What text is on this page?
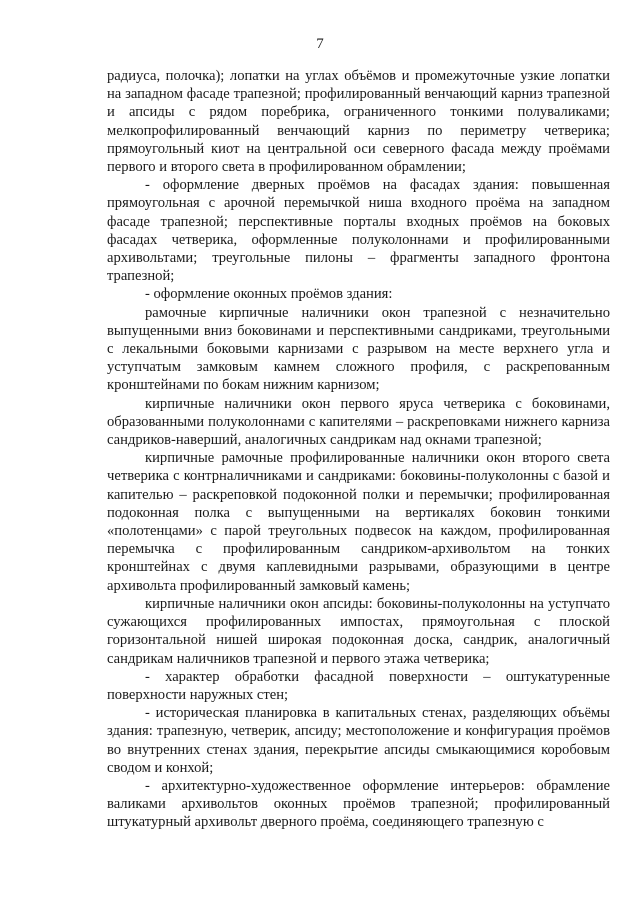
7

радиуса, полочка); лопатки на углах объёмов и промежуточные узкие лопатки на западном фасаде трапезной; профилированный венчающий карниз трапезной и апсиды с рядом поребрика, ограниченного тонкими полуваликами; мелкопрофилированный венчающий карниз по периметру четверика; прямоугольный киот на центральной оси северного фасада между проёмами первого и второго света в профилированном обрамлении;

- оформление дверных проёмов на фасадах здания: повышенная прямоугольная с арочной перемычкой ниша входного проёма на западном фасаде трапезной; перспективные порталы входных проёмов на боковых фасадах четверика, оформленные полуколоннами и профилированными архивольтами; треугольные пилоны – фрагменты западного фронтона трапезной;

- оформление оконных проёмов здания:

рамочные кирпичные наличники окон трапезной с незначительно выпущенными вниз боковинами и перспективными сандриками, треугольными с лекальными боковыми карнизами с разрывом на месте верхнего угла и уступчатым замковым камнем сложного профиля, с раскрепованным кронштейнами по бокам нижним карнизом;

кирпичные наличники окон первого яруса четверика с боковинами, образованными полуколоннами с капителями – раскреповками нижнего карниза сандриков-наверший, аналогичных сандрикам над окнами трапезной;

кирпичные рамочные профилированные наличники окон второго света четверика с контрналичниками и сандриками: боковины-полуколонны с базой и капителью – раскреповкой подоконной полки и перемычки; профилированная подоконная полка с выпущенными на вертикалях боковин тонкими «полотенцами» с парой треугольных подвесок на каждом, профилированная перемычка с профилированным сандриком-архивольтом на тонких кронштейнах с двумя каплевидными разрывами, образующими в центре архивольта профилированный замковый камень;

кирпичные наличники окон апсиды: боковины-полуколонны на уступчато сужающихся профилированных импостах, прямоугольная с плоской горизонтальной нишей широкая подоконная доска, сандрик, аналогичный сандрикам наличников трапезной и первого этажа четверика;

- характер обработки фасадной поверхности – оштукатуренные поверхности наружных стен;

- историческая планировка в капитальных стенах, разделяющих объёмы здания: трапезную, четверик, апсиду; местоположение и конфигурация проёмов во внутренних стенах здания, перекрытие апсиды смыкающимися коробовым сводом и конхой;

- архитектурно-художественное оформление интерьеров: обрамление валиками архивольтов оконных проёмов трапезной; профилированный штукатурный архивольт дверного проёма, соединяющего трапезную с
